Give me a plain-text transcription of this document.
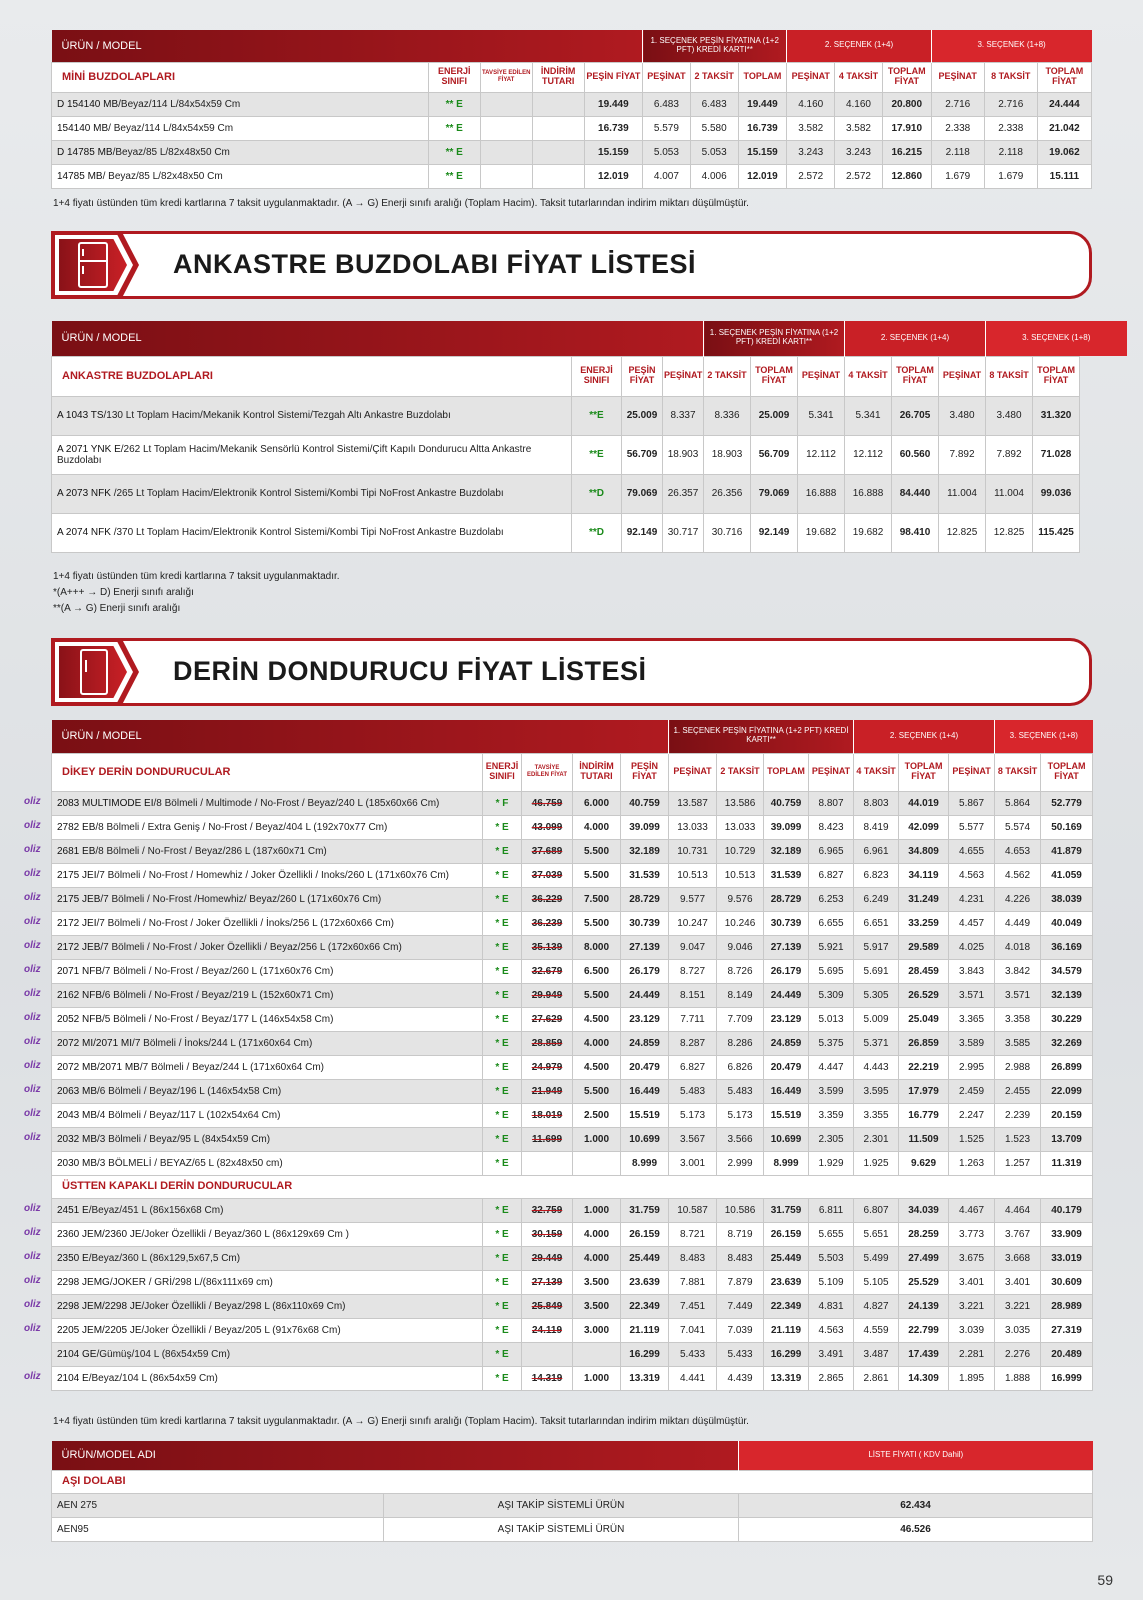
ÜRÜN / MODEL					1. SEÇENEK PEŞİN FİYATINA (1+2 PFT) KREDİ KARTI**			2. SEÇENEK (1+4)			3. SEÇENEK (1+8)		
MİNİ BUZDOLAPLARI	ENERJİ SINIFI	TAVSİYE EDİLEN FİYAT	İNDİRİM TUTARI	PEŞİN FİYAT	PEŞİNAT	2 TAKSİT	TOPLAM	PEŞİNAT	4 TAKSİT	TOPLAM FİYAT	PEŞİNAT	8 TAKSİT	TOPLAM FİYAT
D 154140 MB/Beyaz/114 L/84x54x59 Cm	** E			19.449	6.483	6.483	19.449	4.160	4.160	20.800	2.716	2.716	24.444
154140 MB/ Beyaz/114 L/84x54x59 Cm	** E			16.739	5.579	5.580	16.739	3.582	3.582	17.910	2.338	2.338	21.042
D 14785 MB/Beyaz/85 L/82x48x50 Cm	** E			15.159	5.053	5.053	15.159	3.243	3.243	16.215	2.118	2.118	19.062
14785 MB/ Beyaz/85 L/82x48x50 Cm	** E			12.019	4.007	4.006	12.019	2.572	2.572	12.860	1.679	1.679	15.111
1+4 fiyatı üstünden tüm kredi kartlarına 7 taksit uygulanmaktadır. (A → G) Enerji sınıfı aralığı (Toplam Hacim). Taksit tutarlarından indirim miktarı düşülmüştür.
ANKASTRE BUZDOLABI FİYAT LİSTESİ
ÜRÜN / MODEL				1. SEÇENEK PEŞİN FİYATINA (1+2 PFT) KREDİ KARTI**			2. SEÇENEK (1+4)			3. SEÇENEK (1+8)	
ANKASTRE BUZDOLAPLARI	ENERJİ SINIFI	PEŞİN FİYAT	PEŞİNAT	2 TAKSİT	TOPLAM FİYAT	PEŞİNAT	4 TAKSİT	TOPLAM FİYAT	PEŞİNAT	8 TAKSİT	TOPLAM FİYAT
A 1043 TS/130 Lt Toplam Hacim/Mekanik Kontrol Sistemi/Tezgah Altı Ankastre Buzdolabı	**E	25.009	8.337	8.336	25.009	5.341	5.341	26.705	3.480	3.480	31.320
A 2071 YNK E/262 Lt Toplam Hacim/Mekanik Sensörlü Kontrol Sistemi/Çift Kapılı Dondurucu Altta Ankastre Buzdolabı	**E	56.709	18.903	18.903	56.709	12.112	12.112	60.560	7.892	7.892	71.028
A 2073 NFK /265 Lt Toplam Hacim/Elektronik Kontrol Sistemi/Kombi Tipi NoFrost Ankastre Buzdolabı	**D	79.069	26.357	26.356	79.069	16.888	16.888	84.440	11.004	11.004	99.036
A 2074 NFK /370 Lt Toplam Hacim/Elektronik Kontrol Sistemi/Kombi Tipi NoFrost Ankastre Buzdolabı	**D	92.149	30.717	30.716	92.149	19.682	19.682	98.410	12.825	12.825	115.425
1+4 fiyatı üstünden tüm kredi kartlarına 7 taksit uygulanmaktadır.
*(A+++ → D) Enerji sınıfı aralığı
**(A → G) Enerji sınıfı aralığı
DERİN DONDURUCU FİYAT LİSTESİ
ÜRÜN / MODEL					1. SEÇENEK PEŞİN FİYATINA (1+2 PFT) KREDİ KARTI**				2. SEÇENEK (1+4)			3. SEÇENEK (1+8)	
DİKEY DERİN DONDURUCULAR	ENERJİ SINIFI	TAVSİYE EDİLEN FİYAT	İNDİRİM TUTARI	PEŞİN FİYAT	PEŞİNAT	2 TAKSİT	TOPLAM	PEŞİNAT	4 TAKSİT	TOPLAM FİYAT	PEŞİNAT	8 TAKSİT	TOPLAM FİYAT
2083 MULTIMODE EI/8 Bölmeli / Multimode / No-Frost / Beyaz/240 L (185x60x66 Cm)	* F	46.759	6.000	40.759	13.587	13.586	40.759	8.807	8.803	44.019	5.867	5.864	52.779
2782 EB/8 Bölmeli / Extra Geniş / No-Frost / Beyaz/404 L (192x70x77 Cm)	* E	43.099	4.000	39.099	13.033	13.033	39.099	8.423	8.419	42.099	5.577	5.574	50.169
2681 EB/8 Bölmeli / No-Frost / Beyaz/286 L (187x60x71 Cm)	* E	37.689	5.500	32.189	10.731	10.729	32.189	6.965	6.961	34.809	4.655	4.653	41.879
2175 JEI/7 Bölmeli / No-Frost / Homewhiz / Joker Özellikli / Inoks/260 L (171x60x76 Cm)	* E	37.039	5.500	31.539	10.513	10.513	31.539	6.827	6.823	34.119	4.563	4.562	41.059
2175 JEB/7 Bölmeli / No-Frost /Homewhiz/ Beyaz/260 L (171x60x76 Cm)	* E	36.229	7.500	28.729	9.577	9.576	28.729	6.253	6.249	31.249	4.231	4.226	38.039
2172 JEI/7 Bölmeli / No-Frost / Joker Özellikli / İnoks/256 L (172x60x66 Cm)	* E	36.239	5.500	30.739	10.247	10.246	30.739	6.655	6.651	33.259	4.457	4.449	40.049
2172 JEB/7 Bölmeli / No-Frost / Joker Özellikli / Beyaz/256 L (172x60x66 Cm)	* E	35.139	8.000	27.139	9.047	9.046	27.139	5.921	5.917	29.589	4.025	4.018	36.169
2071 NFB/7 Bölmeli / No-Frost / Beyaz/260 L (171x60x76 Cm)	* E	32.679	6.500	26.179	8.727	8.726	26.179	5.695	5.691	28.459	3.843	3.842	34.579
2162 NFB/6 Bölmeli / No-Frost / Beyaz/219 L (152x60x71 Cm)	* E	29.949	5.500	24.449	8.151	8.149	24.449	5.309	5.305	26.529	3.571	3.571	32.139
2052 NFB/5 Bölmeli / No-Frost / Beyaz/177 L (146x54x58 Cm)	* E	27.629	4.500	23.129	7.711	7.709	23.129	5.013	5.009	25.049	3.365	3.358	30.229
2072 MI/2071 MI/7 Bölmeli / İnoks/244 L (171x60x64 Cm)	* E	28.859	4.000	24.859	8.287	8.286	24.859	5.375	5.371	26.859	3.589	3.585	32.269
2072 MB/2071 MB/7 Bölmeli / Beyaz/244 L (171x60x64 Cm)	* E	24.979	4.500	20.479	6.827	6.826	20.479	4.447	4.443	22.219	2.995	2.988	26.899
2063 MB/6 Bölmeli / Beyaz/196 L (146x54x58 Cm)	* E	21.949	5.500	16.449	5.483	5.483	16.449	3.599	3.595	17.979	2.459	2.455	22.099
2043 MB/4 Bölmeli / Beyaz/117 L (102x54x64 Cm)	* E	18.019	2.500	15.519	5.173	5.173	15.519	3.359	3.355	16.779	2.247	2.239	20.159
2032 MB/3 Bölmeli / Beyaz/95 L (84x54x59 Cm)	* E	11.699	1.000	10.699	3.567	3.566	10.699	2.305	2.301	11.509	1.525	1.523	13.709
2030 MB/3 BÖLMELİ / BEYAZ/65 L (82x48x50 cm)	* E			8.999	3.001	2.999	8.999	1.929	1.925	9.629	1.263	1.257	11.319
ÜSTTEN KAPAKLI DERİN DONDURUCULAR													
2451 E/Beyaz/451 L (86x156x68 Cm)	* E	32.759	1.000	31.759	10.587	10.586	31.759	6.811	6.807	34.039	4.467	4.464	40.179
2360 JEM/2360 JE/Joker Özellikli / Beyaz/360 L (86x129x69 Cm )	* E	30.159	4.000	26.159	8.721	8.719	26.159	5.655	5.651	28.259	3.773	3.767	33.909
2350 E/Beyaz/360 L (86x129,5x67,5 Cm)	* E	29.449	4.000	25.449	8.483	8.483	25.449	5.503	5.499	27.499	3.675	3.668	33.019
2298 JEMG/JOKER / GRİ/298 L/(86x111x69 cm)	* E	27.139	3.500	23.639	7.881	7.879	23.639	5.109	5.105	25.529	3.401	3.401	30.609
2298 JEM/2298 JE/Joker Özellikli / Beyaz/298 L (86x110x69 Cm)	* E	25.849	3.500	22.349	7.451	7.449	22.349	4.831	4.827	24.139	3.221	3.221	28.989
2205 JEM/2205 JE/Joker Özellikli / Beyaz/205 L (91x76x68 Cm)	* E	24.119	3.000	21.119	7.041	7.039	21.119	4.563	4.559	22.799	3.039	3.035	27.319
2104 GE/Gümüş/104 L (86x54x59 Cm)	* E			16.299	5.433	5.433	16.299	3.491	3.487	17.439	2.281	2.276	20.489
2104 E/Beyaz/104 L (86x54x59 Cm)	* E	14.319	1.000	13.319	4.441	4.439	13.319	2.865	2.861	14.309	1.895	1.888	16.999
1+4 fiyatı üstünden tüm kredi kartlarına 7 taksit uygulanmaktadır. (A → G) Enerji sınıfı aralığı (Toplam Hacim). Taksit tutarlarından indirim miktarı düşülmüştür.
oliz
oliz
oliz
oliz
oliz
oliz
oliz
oliz
oliz
oliz
oliz
oliz
oliz
oliz
oliz
oliz
oliz
oliz
oliz
oliz
oliz
oliz
ÜRÜN/MODEL ADI		LİSTE FİYATI ( KDV Dahil)
AŞI DOLABI		
AEN 275	AŞI TAKİP SİSTEMLİ ÜRÜN	62.434
AEN95	AŞI TAKİP SİSTEMLİ ÜRÜN	46.526
59
